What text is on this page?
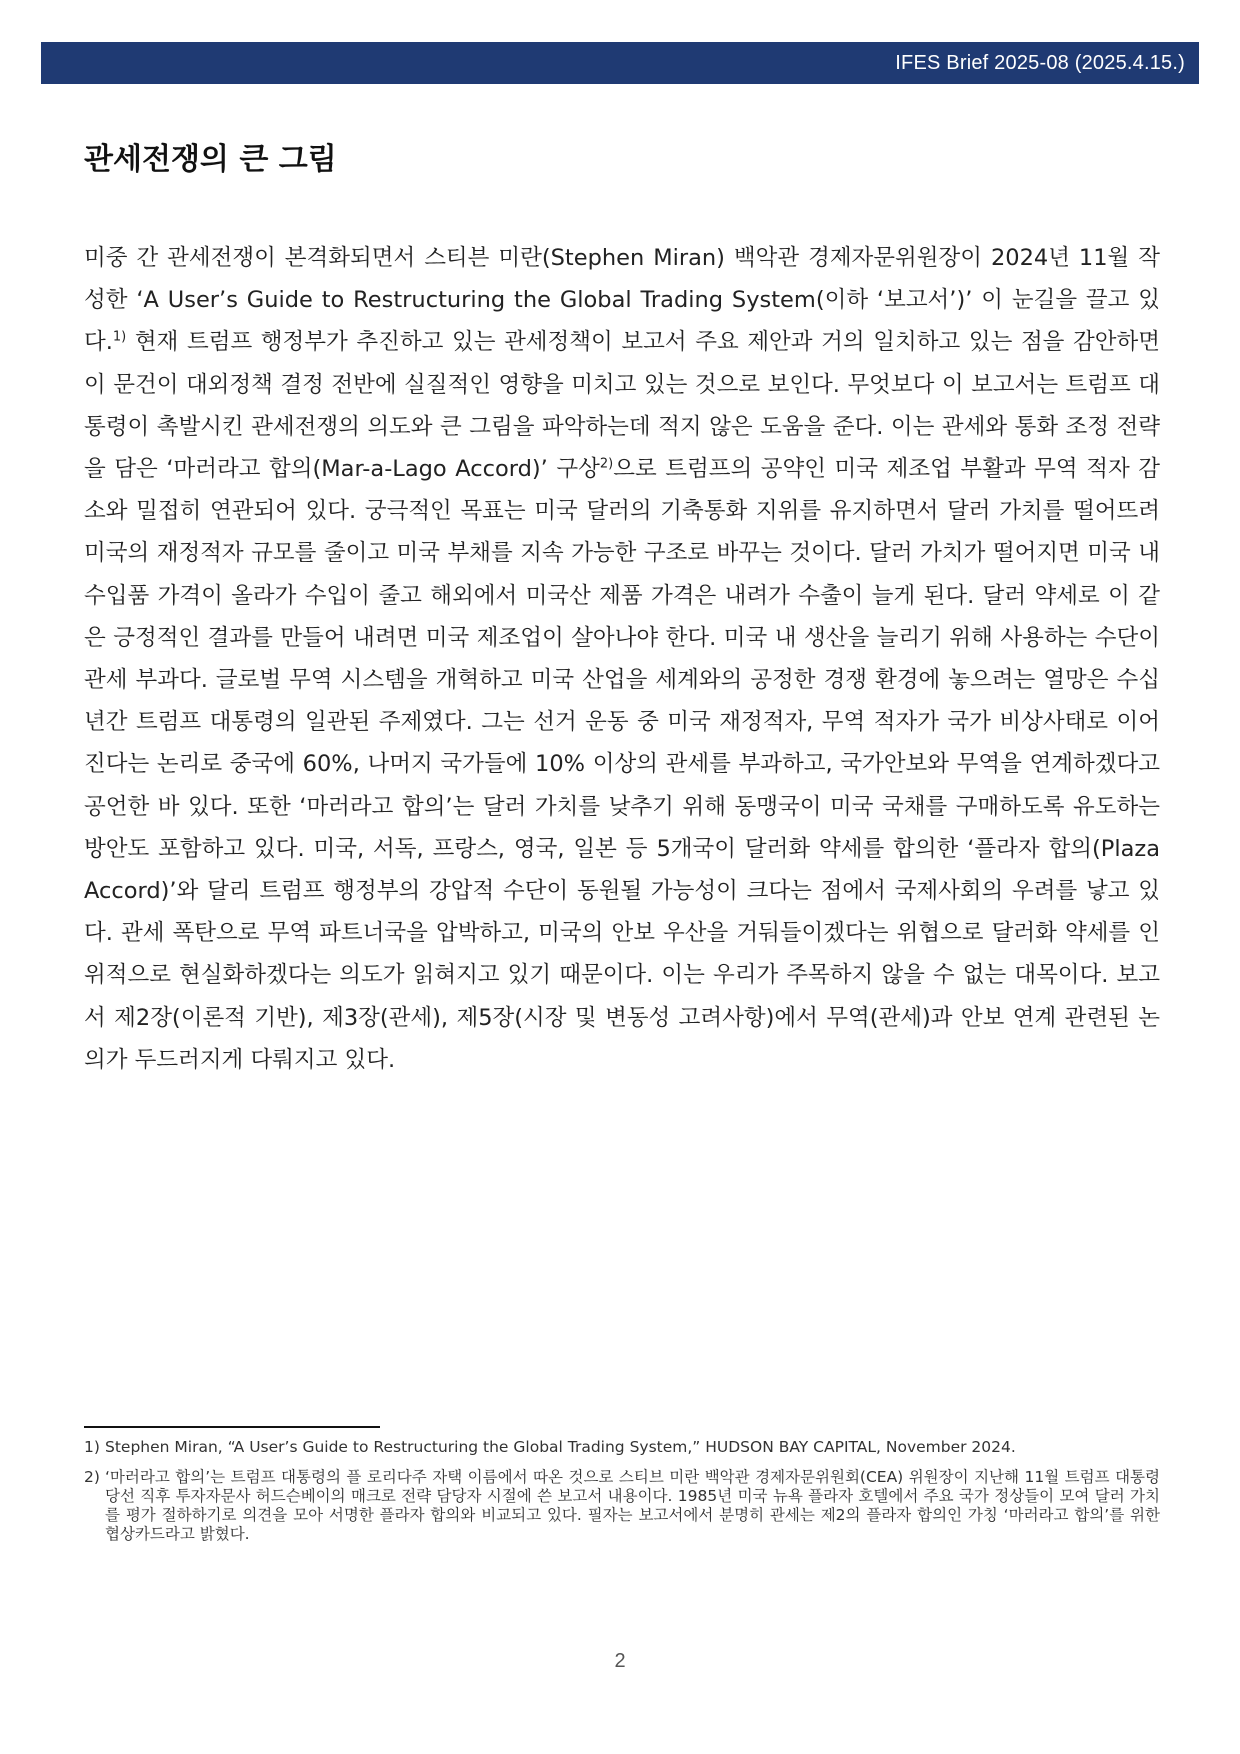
IFES Brief 2025-08 (2025.4.15.)
관세전쟁의 큰 그림

미중 간 관세전쟁이 본격화되면서 스티븐 미란(Stephen Miran) 백악관 경제자문위원장이 2024년 11월 작성한 ‘A User’s Guide to Restructuring the Global Trading System(이하 ‘보고서’)’ 이 눈길을 끌고 있다.$^{1)}$ 현재 트럼프 행정부가 추진하고 있는 관세정책이 보고서 주요 제안과 거의 일치하고 있는 점을 감안하면 이 문건이 대외정책 결정 전반에 실질적인 영향을 미치고 있는 것으로 보인다. 무엇보다 이 보고서는 트럼프 대통령이 촉발시킨 관세전쟁의 의도와 큰 그림을 파악하는데 적지 않은 도움을 준다. 이는 관세와 통화 조정 전략을 담은 ‘마러라고 합의(Mar-a-Lago Accord)’ 구상$^{2)}$으로 트럼프의 공약인 미국 제조업 부활과 무역 적자 감소와 밀접히 연관되어 있다. 궁극적인 목표는 미국 달러의 기축통화 지위를 유지하면서 달러 가치를 떨어뜨려 미국의 재정적자 규모를 줄이고 미국 부채를 지속 가능한 구조로 바꾸는 것이다. 달러 가치가 떨어지면 미국 내 수입품 가격이 올라가 수입이 줄고 해외에서 미국산 제품 가격은 내려가 수출이 늘게 된다. 달러 약세로 이 같은 긍정적인 결과를 만들어 내려면 미국 제조업이 살아나야 한다. 미국 내 생산을 늘리기 위해 사용하는 수단이 관세 부과다. 글로벌 무역 시스템을 개혁하고 미국 산업을 세계와의 공정한 경쟁 환경에 놓으려는 열망은 수십 년간 트럼프 대통령의 일관된 주제였다. 그는 선거 운동 중 미국 재정적자, 무역 적자가 국가 비상사태로 이어진다는 논리로 중국에 60%, 나머지 국가들에 10% 이상의 관세를 부과하고, 국가안보와 무역을 연계하겠다고 공언한 바 있다. 또한 ‘마러라고 합의’는 달러 가치를 낮추기 위해 동맹국이 미국 국채를 구매하도록 유도하는 방안도 포함하고 있다. 미국, 서독, 프랑스, 영국, 일본 등 5개국이 달러화 약세를 합의한 ‘플라자 합의(Plaza Accord)’와 달리 트럼프 행정부의 강압적 수단이 동원될 가능성이 크다는 점에서 국제사회의 우려를 낳고 있다. 관세 폭탄으로 무역 파트너국을 압박하고, 미국의 안보 우산을 거둬들이겠다는 위협으로 달러화 약세를 인위적으로 현실화하겠다는 의도가 읽혀지고 있기 때문이다. 이는 우리가 주목하지 않을 수 없는 대목이다. 보고서 제2장(이론적 기반), 제3장(관세), 제5장(시장 및 변동성 고려사항)에서 무역(관세)과 안보 연계 관련된 논의가 두드러지게 다뤄지고 있다.

1) Stephen Miran, “A User’s Guide to Restructuring the Global Trading System,” HUDSON BAY CAPITAL, November 2024.
2) ‘마러라고 합의’는 트럼프 대통령의 플 로리다주 자택 이름에서 따온 것으로 스티브 미란 백악관 경제자문위원회(CEA) 위원장이 지난해 11월 트럼프 대통령 당선 직후 투자자문사 허드슨베이의 매크로 전략 담당자 시절에 쓴 보고서 내용이다. 1985년 미국 뉴욕 플라자 호텔에서 주요 국가 정상들이 모여 달러 가치를 평가 절하하기로 의견을 모아 서명한 플라자 합의와 비교되고 있다. 필자는 보고서에서 분명히 관세는 제2의 플라자 합의인 가칭 ‘마러라고 합의’를 위한 협상카드라고 밝혔다.
2
